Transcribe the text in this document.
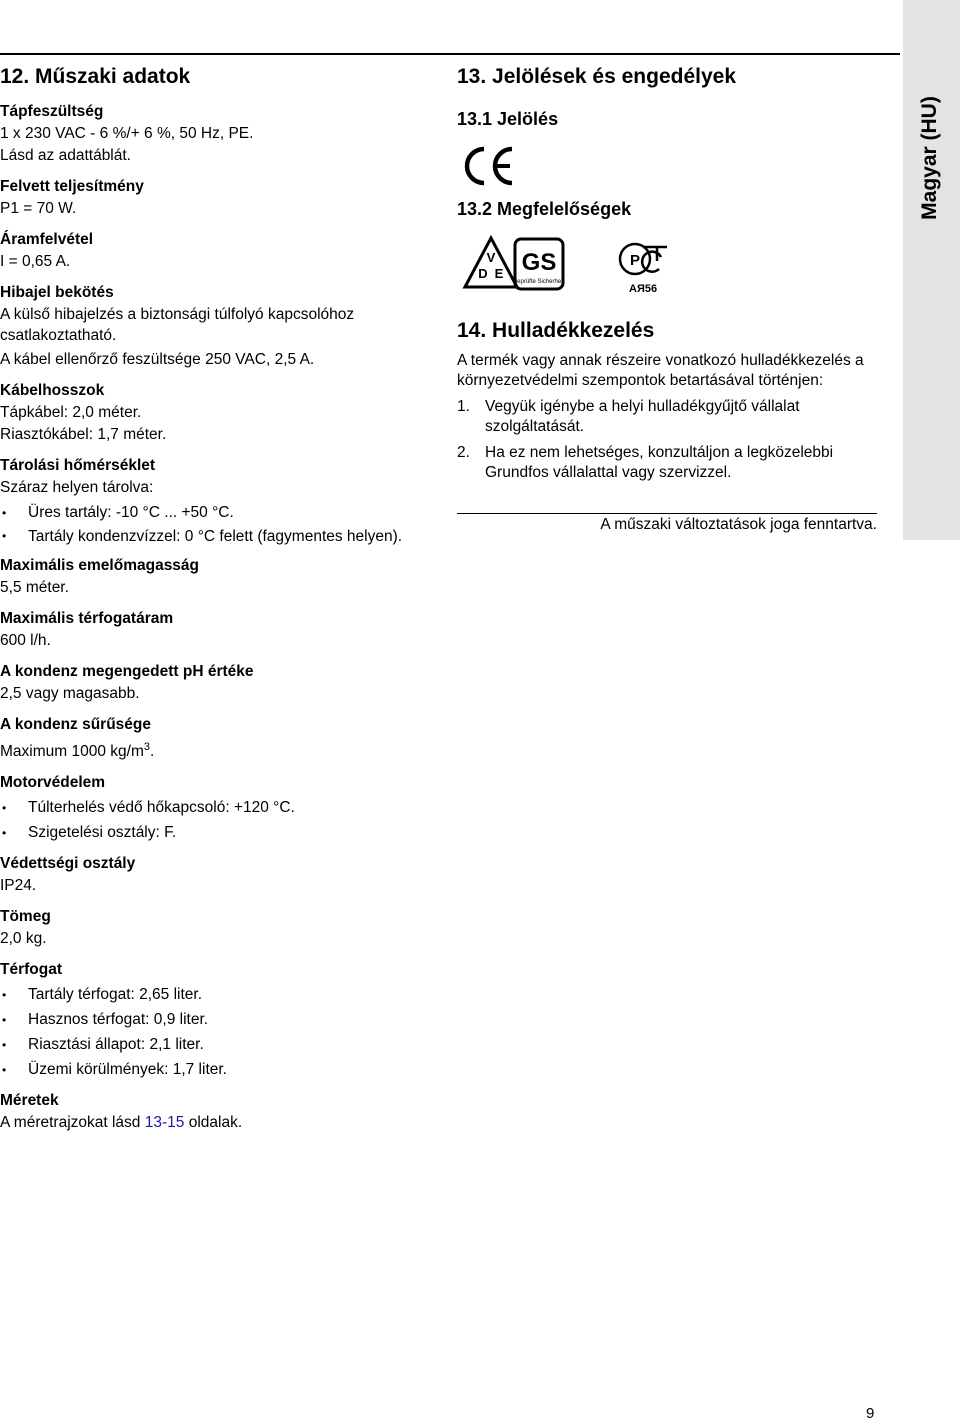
Magyar (HU)
12. Műszaki adatok
Tápfeszültség
1 x 230 VAC - 6 %/+ 6 %, 50 Hz, PE.
Lásd az adattáblát.
Felvett teljesítmény
P1 = 70 W.
Áramfelvétel
I = 0,65 A.
Hibajel bekötés
A külső hibajelzés a biztonsági túlfolyó kapcsolóhoz csatlakoztatható.
A kábel ellenőrző feszültsége 250 VAC, 2,5 A.
Kábelhosszok
Tápkábel: 2,0 méter.
Riasztókábel: 1,7 méter.
Tárolási hőmérséklet
Száraz helyen tárolva:
• Üres tartály: -10 °C ... +50 °C.
• Tartály kondenzvízzel: 0 °C felett (fagymentes helyen).
Maximális emelőmagasság
5,5 méter.
Maximális térfogatáram
600 l/h.
A kondenz megengedett pH értéke
2,5 vagy magasabb.
A kondenz sűrűsége
Maximum 1000 $kg/m^3$.
Motorvédelem
• Túlterhelés védő hőkapcsoló: +120 °C.
• Szigetelési osztály: F.
Védettségi osztály
IP24.
Tömeg
2,0 kg.
Térfogat
• Tartály térfogat: 2,65 liter.
• Hasznos térfogat: 0,9 liter.
• Riasztási állapot: 2,1 liter.
• Üzemi körülmények: 1,7 liter.
Méretek
A méretrajzokat lásd 13-15 oldalak.
13. Jelölések és engedélyek
13.1 Jelölés
13.2 Megfelelőségek
V
D E GS
geprüfte Sicherheit
P
АЯ56
14. Hulladékkezelés
A termék vagy annak részeire vonatkozó hulladékkezelés a környezetvédelmi szempontok betartásával történjen:
1. Vegyük igénybe a helyi hulladékgyűjtő vállalat szolgáltatását.
2. Ha ez nem lehetséges, konzultáljon a legközelebbi Grundfos vállalattal vagy szervizzel.
A műszaki változtatások joga fenntartva.
9
